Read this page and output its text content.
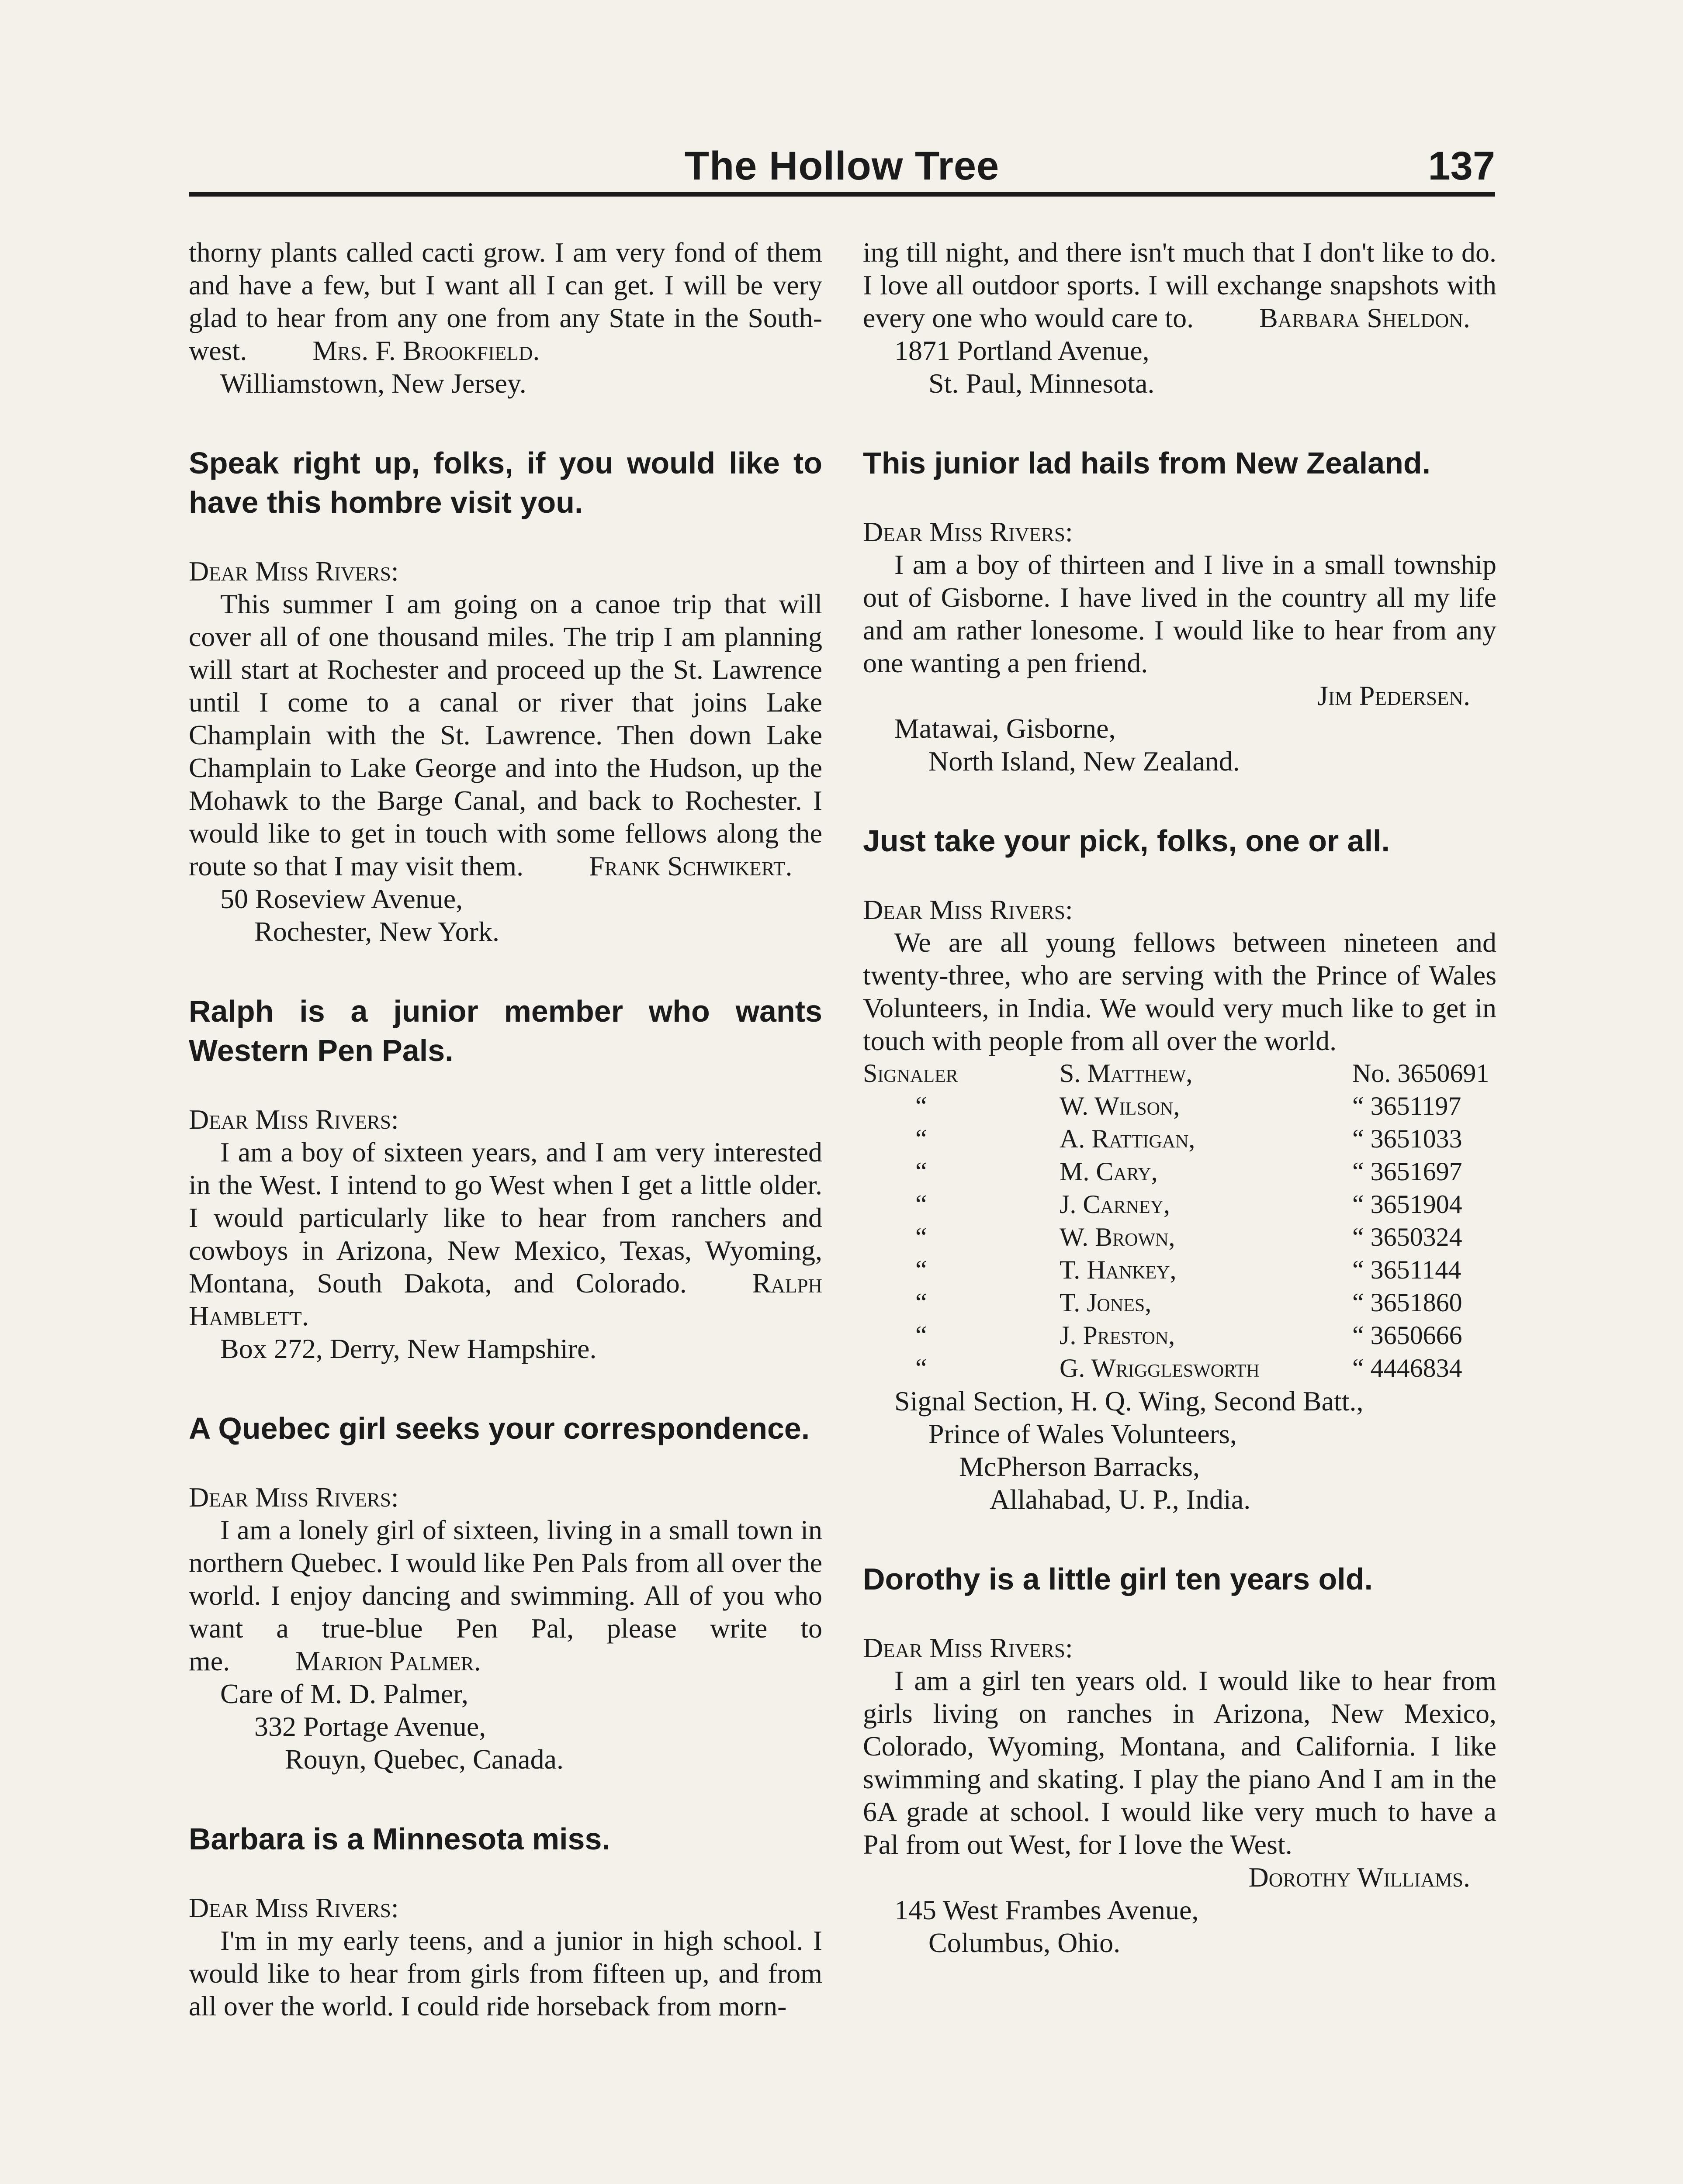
The Hollow Tree	137

thorny plants called cacti grow. I am very fond of them and have a few, but I want all I can get. I will be very glad to hear from any one from any State in the South-west. Mrs. F. Brookfield.

Williamstown, New Jersey.

Speak right up, folks, if you would like to have this hombre visit you.

Dear Miss Rivers:

This summer I am going on a canoe trip that will cover all of one thousand miles. The trip I am planning will start at Rochester and proceed up the St. Lawrence until I come to a canal or river that joins Lake Champlain with the St. Lawrence. Then down Lake Champlain to Lake George and into the Hudson, up the Mohawk to the Barge Canal, and back to Rochester. I would like to get in touch with some fellows along the route so that I may visit them. Frank Schwikert.

50 Roseview Avenue,

Rochester, New York.

Ralph is a junior member who wants Western Pen Pals.

Dear Miss Rivers:

I am a boy of sixteen years, and I am very interested in the West. I intend to go West when I get a little older. I would particularly like to hear from ranchers and cowboys in Arizona, New Mexico, Texas, Wyoming, Montana, South Dakota, and Colorado. Ralph Hamblett.

Box 272, Derry, New Hampshire.

A Quebec girl seeks your correspondence.

Dear Miss Rivers:

I am a lonely girl of sixteen, living in a small town in northern Quebec. I would like Pen Pals from all over the world. I enjoy dancing and swimming. All of you who want a true-blue Pen Pal, please write to me. Marion Palmer.

Care of M. D. Palmer,

332 Portage Avenue,

Rouyn, Quebec, Canada.

Barbara is a Minnesota miss.

Dear Miss Rivers:

I'm in my early teens, and a junior in high school. I would like to hear from girls from fifteen up, and from all over the world. I could ride horseback from morn-

ing till night, and there isn't much that I don't like to do. I love all outdoor sports. I will exchange snapshots with every one who would care to. Barbara Sheldon.

1871 Portland Avenue,

St. Paul, Minnesota.

This junior lad hails from New Zealand.

Dear Miss Rivers:

I am a boy of thirteen and I live in a small township out of Gisborne. I have lived in the country all my life and am rather lonesome. I would like to hear from any one wanting a pen friend.

Jim Pedersen.

Matawai, Gisborne,

North Island, New Zealand.

Just take your pick, folks, one or all.

Dear Miss Rivers:

We are all young fellows between nineteen and twenty-three, who are serving with the Prince of Wales Volunteers, in India. We would very much like to get in touch with people from all over the world.

Signaler	S. Matthew,	No. 3650691
“	W. Wilson,	“ 3651197
“	A. Rattigan,	“ 3651033
“	M. Cary,	“ 3651697
“	J. Carney,	“ 3651904
“	W. Brown,	“ 3650324
“	T. Hankey,	“ 3651144
“	T. Jones,	“ 3651860
“	J. Preston,	“ 3650666
“	G. Wrigglesworth	“ 4446834

Signal Section, H. Q. Wing, Second Batt.,

Prince of Wales Volunteers,

McPherson Barracks,

Allahabad, U. P., India.

Dorothy is a little girl ten years old.

Dear Miss Rivers:

I am a girl ten years old. I would like to hear from girls living on ranches in Arizona, New Mexico, Colorado, Wyoming, Montana, and California. I like swimming and skating. I play the piano And I am in the 6A grade at school. I would like very much to have a Pal from out West, for I love the West.

Dorothy Williams.

145 West Frambes Avenue,

Columbus, Ohio.
